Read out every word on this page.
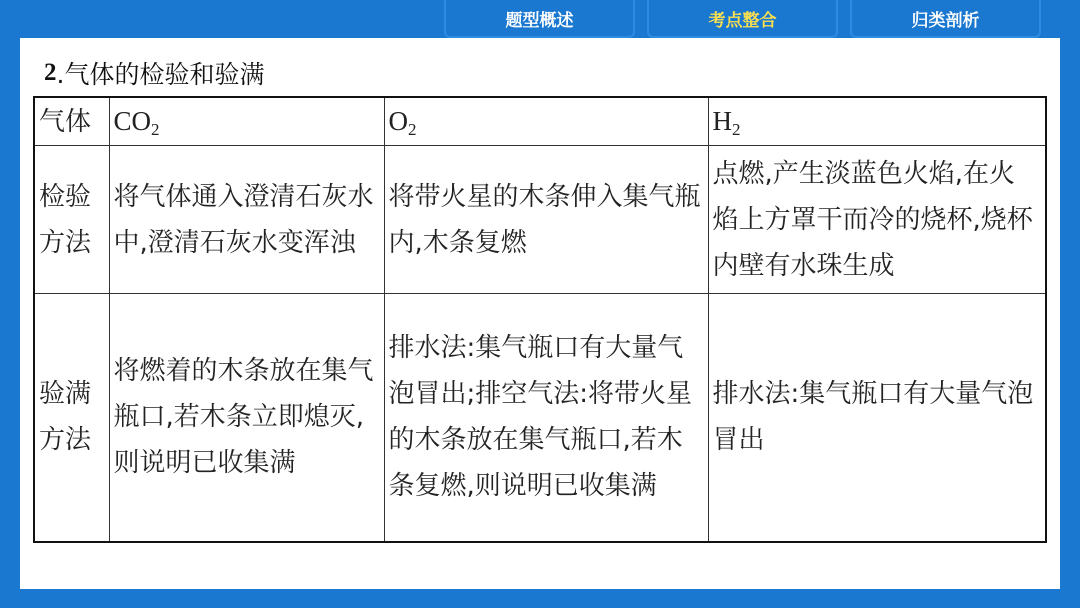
题型概述	考点整合	归类剖析
2 .气体的检验和验满
气体	$CO_2$	$O_2$	$H_2$
检验方法	将气体通入澄清石灰水中,澄清石灰水变浑浊	将带火星的木条伸入集气瓶内,木条复燃	点燃,产生淡蓝色火焰,在火焰上方罩干而冷的烧杯,烧杯内壁有水珠生成
验满方法	将燃着的木条放在集气瓶口,若木条立即熄灭,则说明已收集满	排水法:集气瓶口有大量气泡冒出;排空气法:将带火星的木条放在集气瓶口,若木条复燃,则说明已收集满	排水法:集气瓶口有大量气泡冒出
